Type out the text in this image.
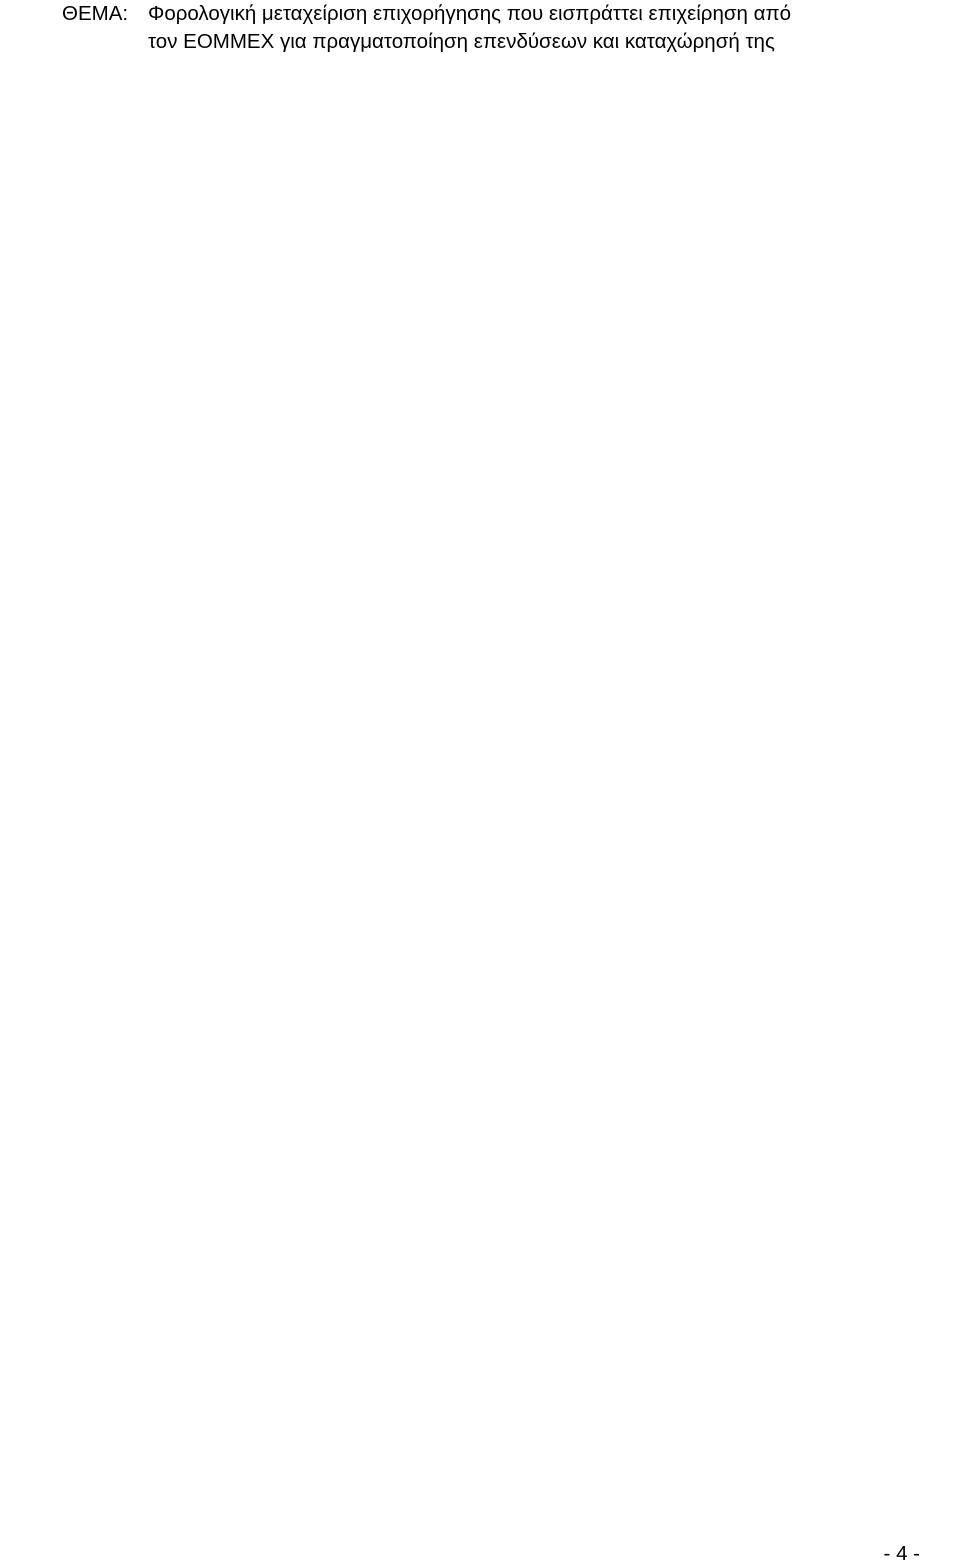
ΘΕΜΑ: Φορολογική μεταχείριση επιχορήγησης που εισπράττει επιχείρηση από
τον ΕΟΜΜΕΧ για πραγματοποίηση επενδύσεων και καταχώρησή της
- 4 -
